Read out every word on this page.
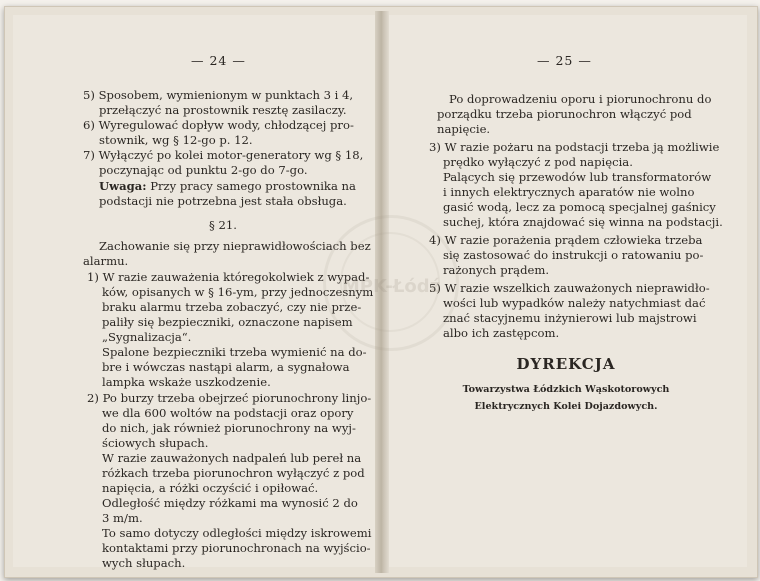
— 24 —
5) Sposobem, wymienionym w punktach 3 i 4,
przełączyć na prostownik resztę zasilaczy.
6) Wyregulować dopływ wody, chłodzącej pro-
stownik, wg § 12-go p. 12.
7) Wyłączyć po kolei motor-generatory wg § 18,
poczynając od punktu 2-go do 7-go.
Uwaga: Przy pracy samego prostownika na
podstacji nie potrzebna jest stała obsługa.
§ 21.
Zachowanie się przy nieprawidłowościach bez
alarmu.
1) W razie zauważenia któregokolwiek z wypad-
ków, opisanych w § 16-ym, przy jednoczesnym
braku alarmu trzeba zobaczyć, czy nie prze-
paliły się bezpieczniki, oznaczone napisem
„Sygnalizacja“.
Spalone bezpieczniki trzeba wymienić na do-
bre i wówczas nastąpi alarm, a sygnałowa
lampka wskaże uszkodzenie.
2) Po burzy trzeba obejrzeć piorunochrony linjo-
we dla 600 woltów na podstacji oraz opory
do nich, jak również piorunochrony na wyj-
ściowych słupach.
W razie zauważonych nadpaleń lub pereł na
różkach trzeba piorunochron wyłączyć z pod
napięcia, a różki oczyścić i opiłować.
Odległość między różkami ma wynosić 2 do
3 m/m.
To samo dotyczy odległości między iskrowemi
kontaktami przy piorunochronach na wyjścio-
wych słupach.
— 25 —
Po doprowadzeniu oporu i piorunochronu do
porządku trzeba piorunochron włączyć pod
napięcie.
3) W razie pożaru na podstacji trzeba ją możliwie
prędko wyłączyć z pod napięcia.
Palących się przewodów lub transformatorów
i innych elektrycznych aparatów nie wolno
gasić wodą, lecz za pomocą specjalnej gaśnicy
suchej, która znajdować się winna na podstacji.
4) W razie porażenia prądem człowieka trzeba
się zastosować do instrukcji o ratowaniu po-
rażonych prądem.
5) W razie wszelkich zauważonych nieprawidło-
wości lub wypadków należy natychmiast dać
znać stacyjnemu inżynierowi lub majstrowi
albo ich zastępcom.
DYREKCJA
Towarzystwa Łódzkich Wąskotorowych
Elektrycznych Kolei Dojazdowych.
MPK-Łódź
